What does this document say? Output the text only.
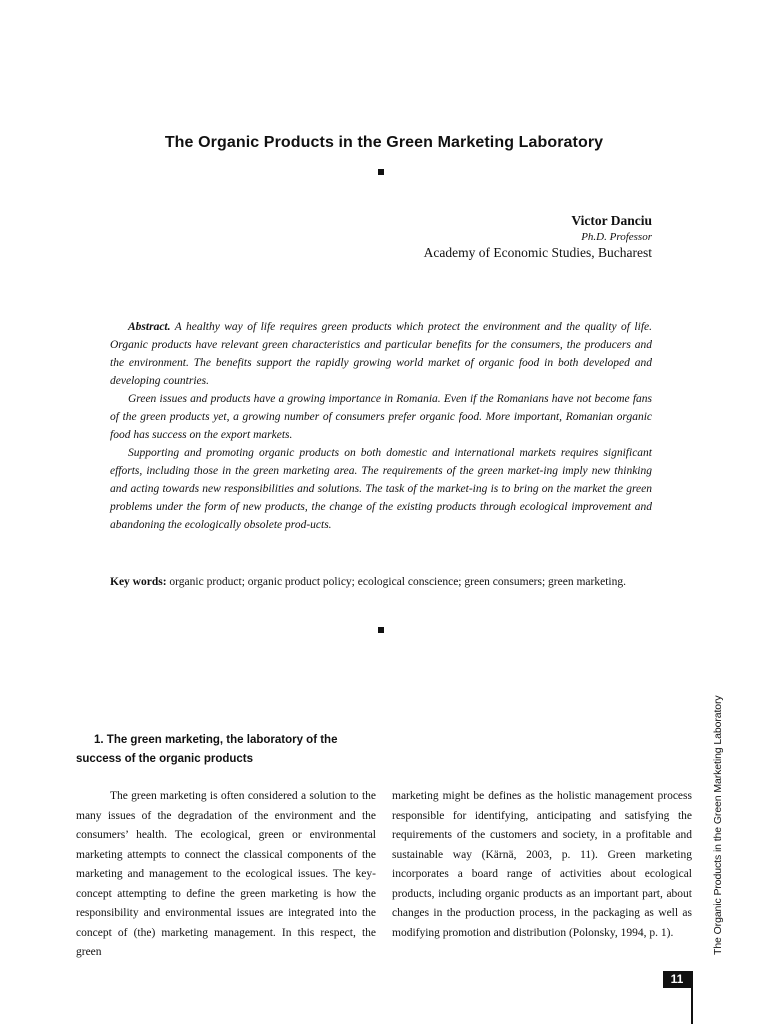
The Organic Products in the Green Marketing Laboratory
Victor Danciu
Ph.D. Professor
Academy of Economic Studies, Bucharest

Abstract. A healthy way of life requires green products which protect the environment and the quality of life. Organic products have relevant green characteristics and particular benefits for the consumers, the producers and the environment. The benefits support the rapidly growing world market of organic food in both developed and developing countries.

Green issues and products have a growing importance in Romania. Even if the Romanians have not become fans of the green products yet, a growing number of consumers prefer organic food. More important, Romanian organic food has success on the export markets.

Supporting and promoting organic products on both domestic and international markets requires significant efforts, including those in the green marketing area. The requirements of the green market-ing imply new thinking and acting towards new responsibilities and solutions. The task of the market-ing is to bring on the market the green problems under the form of new products, the change of the existing products through ecological improvement and abandoning the ecologically obsolete prod-ucts.

Key words: organic product; organic product policy; ecological conscience; green consumers; green marketing.
1. The green marketing, the laboratory of the
success of the organic products

The green marketing is often considered a solution to the many issues of the degradation of the environment and the consumers’ health. The ecological, green or environmental marketing attempts to connect the classical components of the marketing and management to the ecological issues. The key-concept attempting to define the green marketing is how the responsibility and environmental issues are integrated into the concept of (the) marketing management. In this respect, the green

marketing might be defines as the holistic management process responsible for identifying, anticipating and satisfying the requirements of the customers and society, in a profitable and sustainable way (Kärnä, 2003, p. 11). Green marketing incorporates a board range of activities about ecological products, including organic products as an important part, about changes in the production process, in the packaging as well as modifying promotion and distribution (Polonsky, 1994, p. 1).	The Organic Products in the Green Marketing Laboratory
11
